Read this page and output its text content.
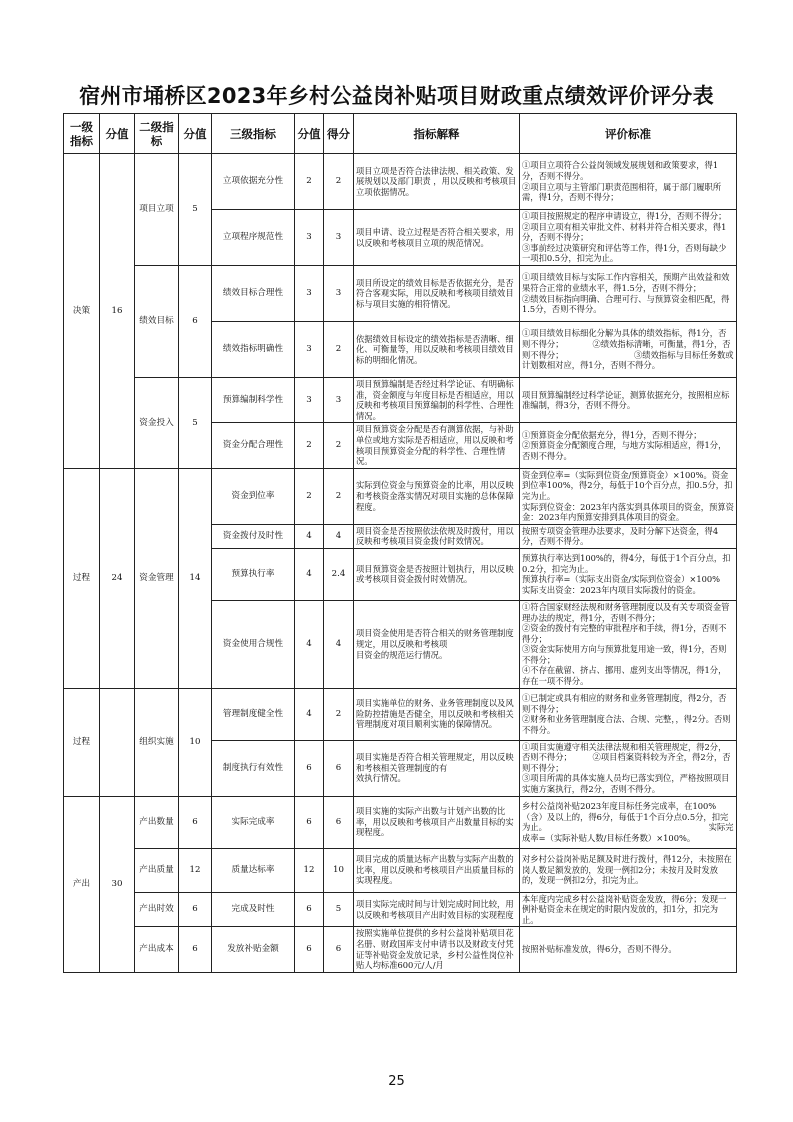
宿州市埇桥区2023年乡村公益岗补贴项目财政重点绩效评价评分表
一级指标	分值	二级指标	分值	三级指标	分值	得分	指标解释	评价标准
决策	16	项目立项	5	立项依据充分性	2	2	项目立项是否符合法律法规、相关政策、发展规划以及部门职责 ，用以反映和考核项目立项依据情况。	①项目立项符合公益岗领域发展规划和政策要求，得1分，否则不得分。
②项目立项与主管部门职责范围相符，属于部门履职所需，得1分，否则不得分；
				立项程序规范性	3	3	项目申请、设立过程是否符合相关要求，用以反映和考核项目立项的规范情况。	①项目按照规定的程序申请设立，得1分，否则不得分；
②项目立项有相关审批文件、材料并符合相关要求，得1分，否则不得分；
③事前经过决策研究和评估等工作，得1分，否则每缺少一项扣0.5分，扣完为止。
		绩效目标	6	绩效目标合理性	3	3	项目所设定的绩效目标是否依据充分，是否符合客观实际，用以反映和考核项目绩效目标与项目实施的相符情况。	①项目绩效目标与实际工作内容相关，预期产出效益和效果符合正常的业绩水平，得1.5分，否则不得分；
②绩效目标指向明确、合理可行、与预算资金相匹配，得1.5分，否则不得分。
				绩效指标明确性	3	2	依据绩效目标设定的绩效指标是否清晰、细化、可衡量等，用以反映和考核项目绩效目标的明细化情况。	①项目绩效目标细化分解为具体的绩效指标，得1分，否则不得分；　　　　②绩效指标清晰，可衡量，得1分，否则不得分；　　　　　　　　　③绩效指标与目标任务数或计划数相对应，得1分，否则不得分。
		资金投入	5	预算编制科学性	3	3	项目预算编制是否经过科学论证、有明确标准，资金额度与年度目标是否相适应，用以反映和考核项目预算编制的科学性、合理性情况。	项目预算编制经过科学论证，测算依据充分，按照相应标准编制，得3分，否则不得分。
				资金分配合理性	2	2	项目预算资金分配是否有测算依据，与补助单位或地方实际是否相适应，用以反映和考核项目预算资金分配的科学性、合理性情况。	①预算资金分配依据充分，得1分，否则不得分；
②预算资金分配额度合理，与地方实际相适应，得1分，否则不得分。
过程	24	资金管理	14	资金到位率	2	2	实际到位资金与预算资金的比率，用以反映和考核资金落实情况对项目实施的总体保障程度。	资金到位率=（实际到位资金/预算资金）×100%。资金到位率100%，得2分，每低于10个百分点，扣0.5分，扣完为止。
实际到位资金：2023年内落实到具体项目的资金，预算资金：2023年内预算安排到具体项目的资金。
				资金拨付及时性	4	4	项目资金是否按照依法依规及时拨付，用以反映和考核项目资金拨付时效情况。	按照专项资金管理办法要求，及时分解下达资金，得4分，否则不得分。
				预算执行率	4	2.4	项目预算资金是否按照计划执行，用以反映或考核项目资金拨付时效情况。	预算执行率达到100%的，得4分，每低于1个百分点，扣0.2分，扣完为止。
预算执行率=（实际支出资金/实际到位资金）×100%
实际支出资金：2023年内项目实际拨付的资金。
				资金使用合规性	4	4	项目资金使用是否符合相关的财务管理制度规定，用以反映和考核项
目资金的规范运行情况。	①符合国家财经法规和财务管理制度以及有关专项资金管理办法的规定，得1分，否则不得分；
②资金的拨付有完整的审批程序和手续，得1分，否则不得分；
③资金实际使用方向与预算批复用途一致，得1分，否则不得分；
④不存在截留、挤占、挪用、虚列支出等情况，得1分，存在一项不得分。
过程		组织实施	10	管理制度健全性	4	2	项目实施单位的财务、业务管理制度以及风险防控措施是否健全，用以反映和考核相关管理制度对项目顺利实施的保障情况。	①已制定或具有相应的财务和业务管理制度，得2分，否则不得分；
②财务和业务管理制度合法、合规、完整，，得2分。否则不得分。
				制度执行有效性	6	6	项目实施是否符合相关管理规定，用以反映和考核相关管理制度的有
效执行情况。	①项目实施遵守相关法律法规和相关管理规定，得2分，否则不得分；　　　②项目档案资料较为齐全，得2分，否则不得分；
③项目所需的具体实施人员均已落实到位，严格按照项目实施方案执行，得2分，否则不得分。
产出	30	产出数量	6	实际完成率	6	6	项目实施的实际产出数与计划产出数的比率，用以反映和考核项目产出数量目标的实现程度。	乡村公益岗补贴2023年度目标任务完成率，在100%（含）及以上的，得6分，每低于1个百分点0.5分，扣完为止。　　　　　　　　　　　　　　　　　　　　实际完成率=（实际补贴人数/目标任务数）×100%。
		产出质量	12	质量达标率	12	10	项目完成的质量达标产出数与实际产出数的比率，用以反映和考核项目产出质量目标的实现程度。	对乡村公益岗补贴足额及时进行拨付，得12分，未按照在岗人数足额发放的，发现一例扣2分；未按月及时发放的，发现一例扣2分，扣完为止。
		产出时效	6	完成及时性	6	5	项目实际完成时间与计划完成时间比较，用以反映和考核项目产出时效目标的实现程度	本年度内完成乡村公益岗补贴资金发放，得6分；发现一例补贴资金未在规定的时限内发放的，扣1分，扣完为止。
		产出成本	6	发放补贴金额	6	6	按照实施单位提供的乡村公益岗补贴项目花名册、财政国库支付申请书以及财政支付凭证等补贴资金发放记录，乡村公益性岗位补贴人均标准600元/人/月	按照补贴标准发放，得6分，否则不得分。
25
